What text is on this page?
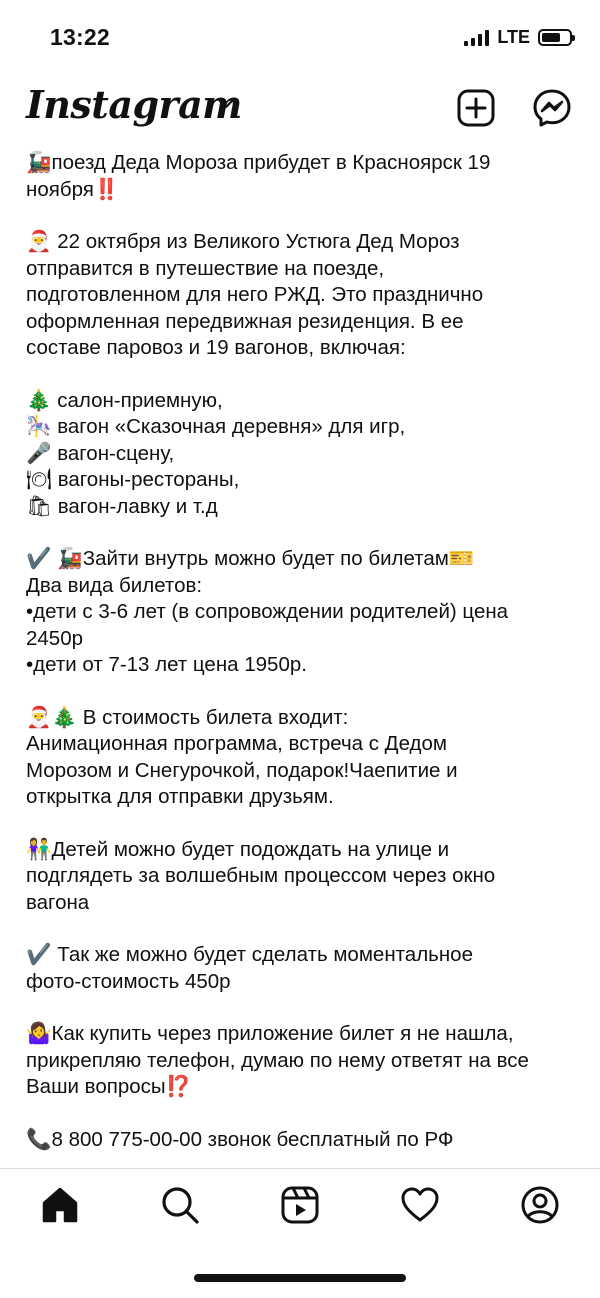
13:22	LTE
Instagram
🚂поезд Деда Мороза прибудет в Красноярск 19
ноября‼️
🎅 22 октября из Великого Устюга Дед Мороз
отправится в путешествие на поезде,
подготовленном для него РЖД. Это празднично
оформленная передвижная резиденция. В ее
составе паровоз и 19 вагонов, включая:
🎄 салон-приемную,
🎠 вагон «Сказочная деревня» для игр,
🎤 вагон-сцену,
🍽 вагоны-рестораны,
🛍 вагон-лавку и т.д
✔️ 🚂Зайти внутрь можно будет по билетам🎫
Два вида билетов:
•дети с 3-6 лет (в сопровождении родителей) цена
2450р
•дети от 7-13 лет цена 1950р.
🎅🎄 В стоимость билета входит:
Анимационная программа, встреча с Дедом
Морозом и Снегурочкой, подарок!Чаепитие и
открытка для отправки друзьям.
👫Детей можно будет подождать на улице и
подглядеть за волшебным процессом через окно
вагона
✔️ Так же можно будет сделать моментальное
фото-стоимость 450р
🤷‍♀️Как купить через приложение билет я не нашла,
прикрепляю телефон, думаю по нему ответят на все
Ваши вопросы⁉️
📞8 800 775-00-00 звонок бесплатный по РФ
